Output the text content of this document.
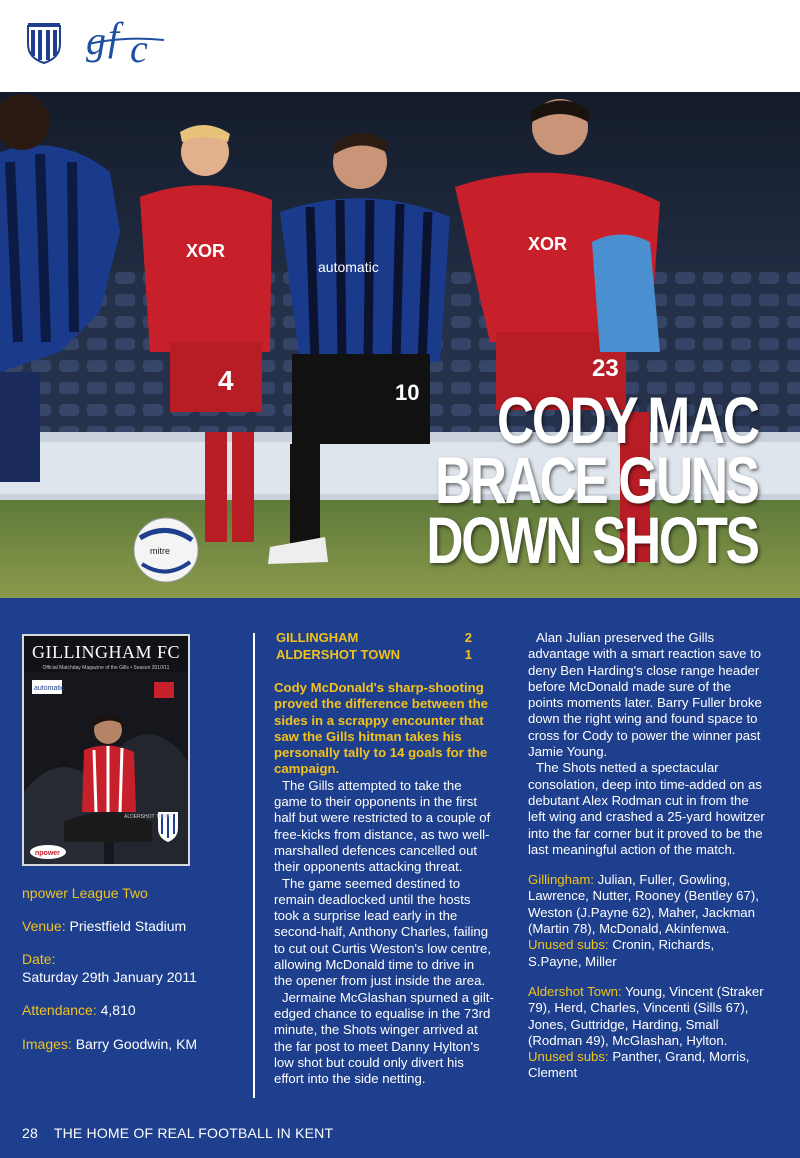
g f c
4
XOR
automatic
10
XOR
23
mitre
CODY MAC
BRACE GUNS
DOWN SHOTS
GILLINGHAM FC
Official Matchday Magazine of the Gills • Season 2010/11
automatic
ALDERSHOT TOWN
npower
npower League Two
Venue: Priestfield Stadium
Date:
Saturday 29th January 2011
Attendance: 4,810
Images: Barry Goodwin, KM
GILLINGHAM	2
ALDERSHOT TOWN	1

Cody McDonald's sharp-shooting proved the difference between the sides in a scrappy encounter that saw the Gills hitman takes his personally tally to 14 goals for the campaign.

The Gills attempted to take the game to their opponents in the first half but were restricted to a couple of free-kicks from distance, as two well-marshalled defences cancelled out their opponents attacking threat.

The game seemed destined to remain deadlocked until the hosts took a surprise lead early in the second-half, Anthony Charles, failing to cut out Curtis Weston's low centre, allowing McDonald time to drive in the opener from just inside the area.

Jermaine McGlashan spurned a gilt-edged chance to equalise in the 73rd minute, the Shots winger arrived at the far post to meet Danny Hylton's low shot but could only divert his effort into the side netting.

Alan Julian preserved the Gills advantage with a smart reaction save to deny Ben Harding's close range header before McDonald made sure of the points moments later. Barry Fuller broke down the right wing and found space to cross for Cody to power the winner past Jamie Young.

The Shots netted a spectacular consolation, deep into time-added on as debutant Alex Rodman cut in from the left wing and crashed a 25-yard howitzer into the far corner but it proved to be the last meaningful action of the match.

Gillingham: Julian, Fuller, Gowling, Lawrence, Nutter, Rooney (Bentley 67), Weston (J.Payne 62), Maher, Jackman (Martin 78), McDonald, Akinfenwa. Unused subs: Cronin, Richards, S.Payne, Miller

Aldershot Town: Young, Vincent (Straker 79), Herd, Charles, Vincenti (Sills 67), Jones, Guttridge, Harding, Small (Rodman 49), McGlashan, Hylton. Unused subs: Panther, Grand, Morris, Clement

28 THE HOME OF REAL FOOTBALL IN KENT
